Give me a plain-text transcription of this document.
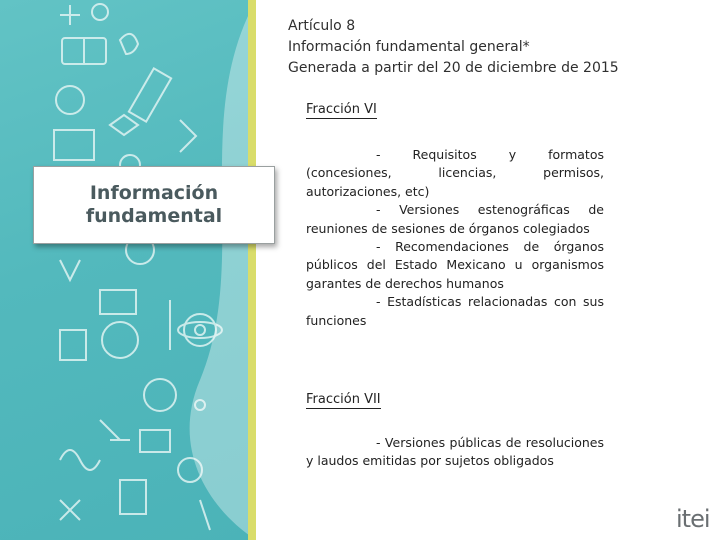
Información
fundamental
Artículo 8
Información fundamental general*
Generada a partir del 20 de diciembre de 2015
Fracción VI

- Requisitos y formatos (concesiones, licencias, permisos, autorizaciones, etc)

- Versiones estenográficas de reuniones de sesiones de órganos colegiados

- Recomendaciones de órganos públicos del Estado Mexicano u organismos garantes de derechos humanos

- Estadísticas relacionadas con sus funciones

Fracción VII

- Versiones públicas de resoluciones y laudos emitidas por sujetos obligados

itei
